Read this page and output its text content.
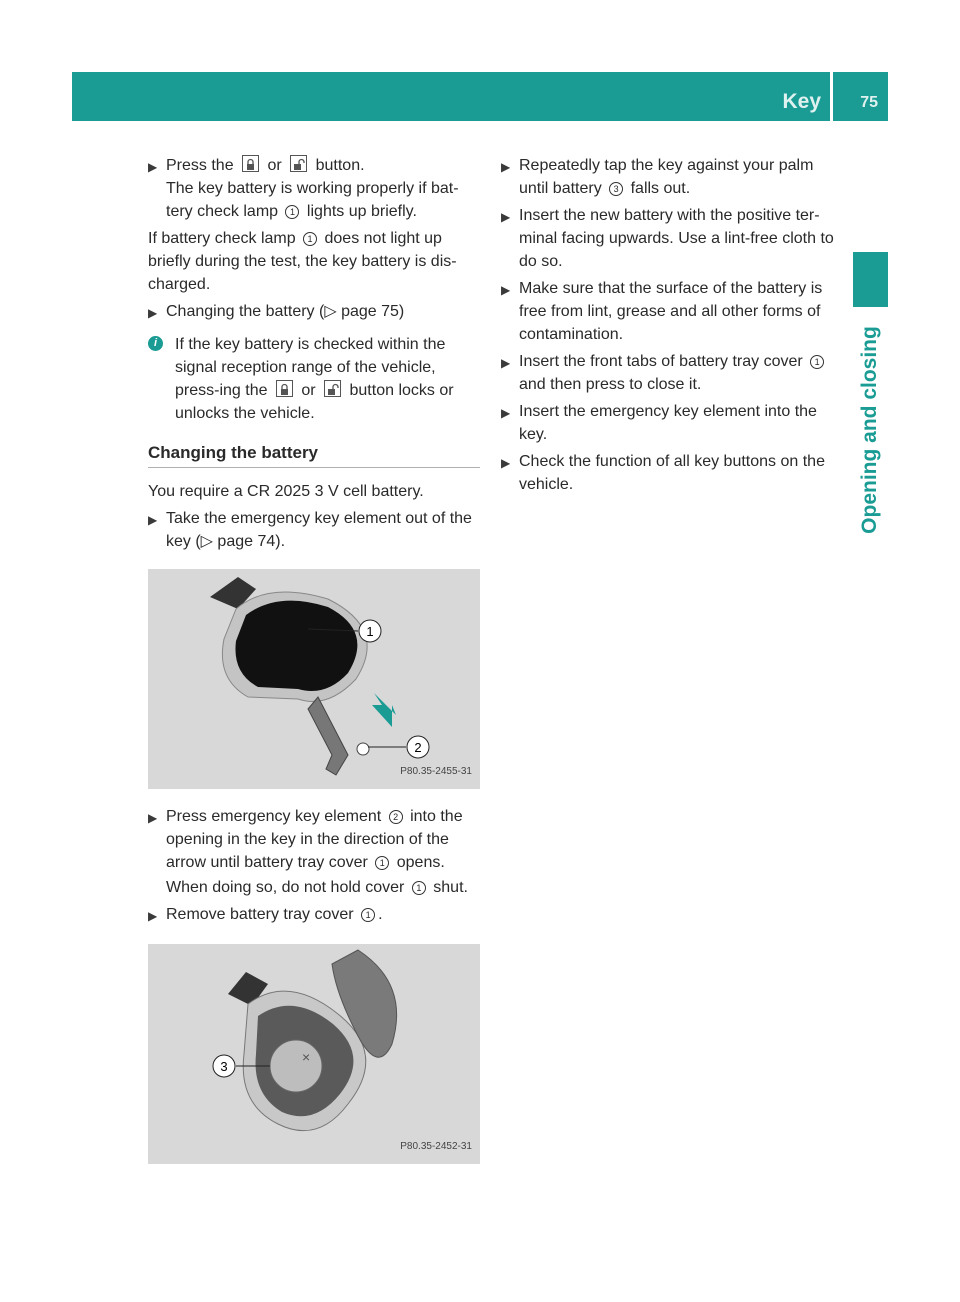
Key 75
Opening and closing
▶
Press the  or  button.
The key battery is working properly if bat-
tery check lamp 1 lights up briefly.
If battery check lamp 1 does not light up briefly during the test, the key battery is dis-charged.
▶
Changing the battery (▷ page 75)
i	If the key battery is checked within the signal reception range of the vehicle, press-ing the  or  button locks or unlocks the vehicle.
Changing the battery
You require a CR 2025 3 V cell battery.
▶
Take the emergency key element out of the key (▷ page 74).
1
2
P80.35-2455-31
▶
Press emergency key element 2 into the opening in the key in the direction of the arrow until battery tray cover 1 opens.
When doing so, do not hold cover 1 shut.
▶
Remove battery tray cover 1 .
×
3
P80.35-2452-31
▶
Repeatedly tap the key against your palm until battery 3 falls out.
▶
Insert the new battery with the positive ter-minal facing upwards. Use a lint-free cloth to do so.
▶
Make sure that the surface of the battery is free from lint, grease and all other forms of contamination.
▶
Insert the front tabs of battery tray cover 1 and then press to close it.
▶
Insert the emergency key element into the key.
▶
Check the function of all key buttons on the vehicle.
